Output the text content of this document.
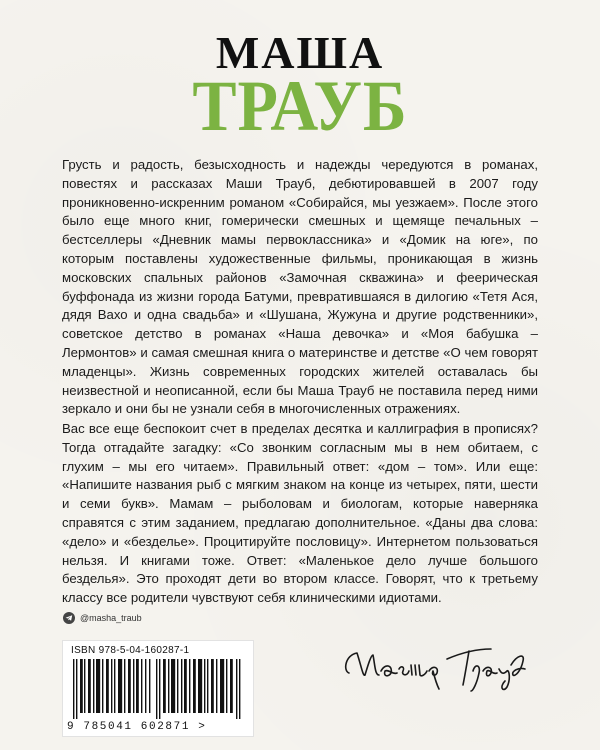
МАША
ТРАУБ

Грусть и радость, безысходность и надежды чередуются в романах, повестях и рассказах Маши Трауб, дебютировавшей в 2007 году проникновенно-искренним романом «Собирайся, мы уезжаем». После этого было еще много книг, гомерически смешных и щемяще печальных – бестселлеры «Дневник мамы первоклассника» и «Домик на юге», по которым поставлены художественные фильмы, проникающая в жизнь московских спальных районов «Замочная скважина» и феерическая буффонада из жизни города Батуми, превратившаяся в дилогию «Тетя Ася, дядя Вахо и одна свадьба» и «Шушана, Жужуна и другие родственники», советское детство в романах «Наша девочка» и «Моя бабушка – Лермонтов» и самая смешная книга о материнстве и детстве «О чем говорят младенцы». Жизнь современных городских жителей оставалась бы неизвестной и неописанной, если бы Маша Трауб не поставила перед ними зеркало и они бы не узнали себя в многочисленных отражениях.

Вас все еще беспокоит счет в пределах десятка и каллиграфия в прописях? Тогда отгадайте загадку: «Со звонким согласным мы в нем обитаем, с глухим – мы его читаем». Правильный ответ: «дом – том». Или еще: «Напишите названия рыб с мягким знаком на конце из четырех, пяти, шести и семи букв». Мамам – рыболовам и биологам, которые наверняка справятся с этим заданием, предлагаю дополнительное. «Даны два слова: «дело» и «безделье». Процитируйте пословицу». Интернетом пользоваться нельзя. И книгами тоже. Ответ: «Маленькое дело лучше большого безделья». Это проходят дети во втором классе. Говорят, что к третьему классу все родители чувствуют себя клиническими идиотами.

@masha_traub
ISBN 978-5-04-160287-1
9 785041 602871 >
